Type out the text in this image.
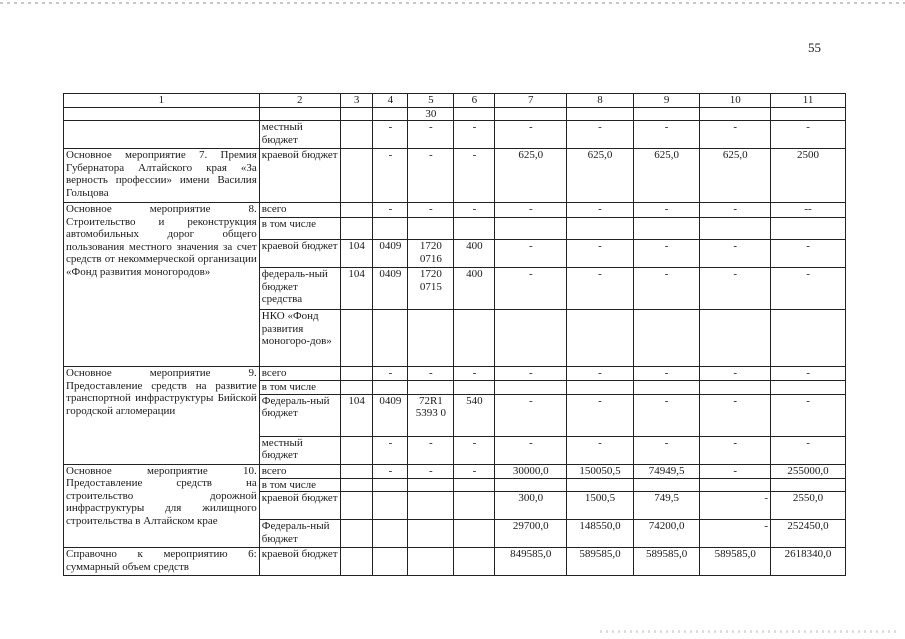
55
1	2	3	4	5	6	7	8	9	10	11
				30						
	местный бюджет		-	-	-	-	-	-	-	-
Основное мероприятие 7. Премия Губернатора Алтайского края «За верность профессии» имени Василия Гольцова	краевой бюджет		-	-	-	625,0	625,0	625,0	625,0	2500
Основное мероприятие 8. Строительство и реконструкция автомобильных дорог общего пользования местного значения за счет средств от некоммерческой организации «Фонд развития моногородов»	всего		-	-	-	-	-	-	-	--
	в том числе									
	краевой бюджет	104	0409	1720 0716	400	-	-	-	-	-
	федераль-ный бюджет средства	104	0409	1720 0715	400	-	-	-	-	-
	НКО «Фонд развития моногоро-дов»									
Основное мероприятие 9. Предоставление средств на развитие транспортной инфраструктуры Бийской городской агломерации	всего		-	-	-	-	-	-	-	-
	в том числе									
	Федераль-ный бюджет	104	0409	72R1 5393 0	540	-	-	-	-	-
	местный бюджет		-	-	-	-	-	-	-	-
Основное мероприятие 10. Предоставление средств на строительство дорожной инфраструктуры для жилищного строительства в Алтайском крае	всего		-	-	-	30000,0	150050,5	74949,5	-	255000,0
	в том числе									
	краевой бюджет					300,0	1500,5	749,5	-	2550,0
	Федераль-ный бюджет					29700,0	148550,0	74200,0	-	252450,0
Справочно к мероприятию 6: суммарный объем средств	краевой бюджет					849585,0	589585,0	589585,0	589585,0	2618340,0
